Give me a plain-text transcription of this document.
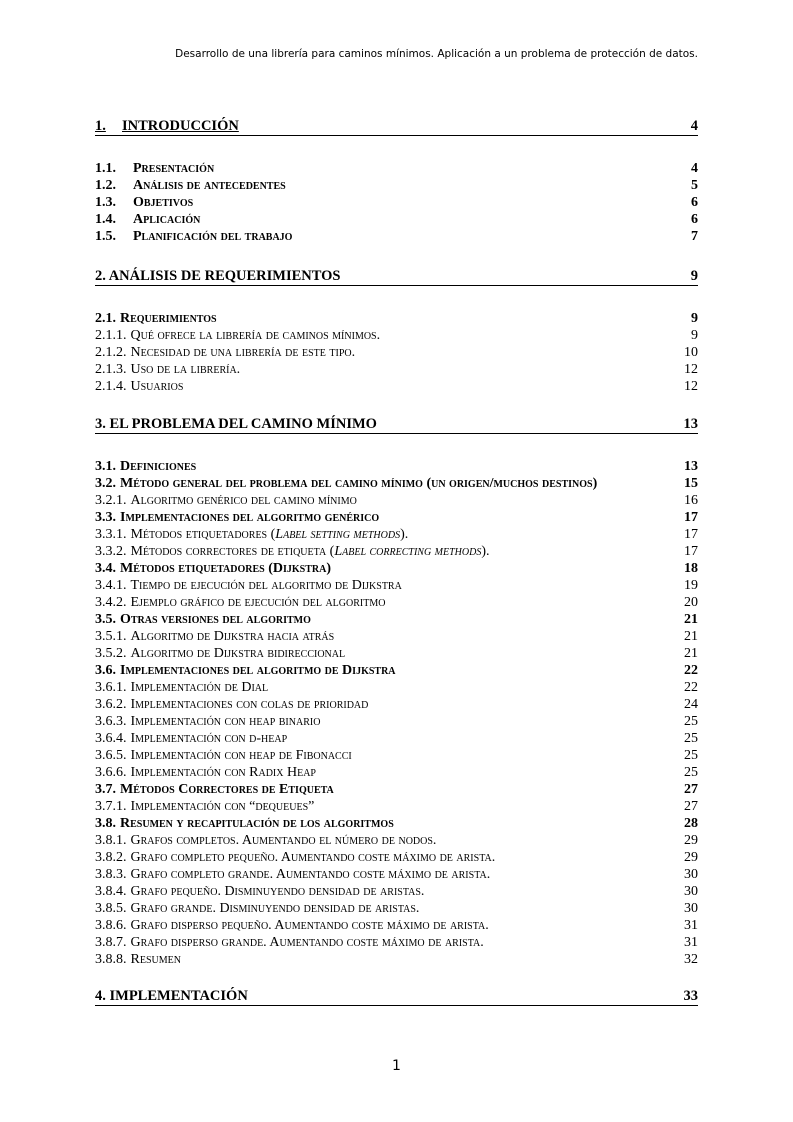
Desarrollo de una librería para caminos mínimos. Aplicación a un problema de protección de datos.
1. INTRODUCCIÓN	4
1.1. Presentación	4
1.2. Análisis de antecedentes	5
1.3. Objetivos	6
1.4. Aplicación	6
1.5. Planificación del trabajo	7
2. ANÁLISIS DE REQUERIMIENTOS	9
2.1. Requerimientos	9
2.1.1. Qué ofrece la librería de caminos mínimos.	9
2.1.2. Necesidad de una librería de este tipo.	10
2.1.3. Uso de la librería.	12
2.1.4. Usuarios	12
3. EL PROBLEMA DEL CAMINO MÍNIMO	13
3.1. Definiciones	13
3.2. Método general del problema del camino mínimo (un origen/muchos destinos)	15
3.2.1. Algoritmo genérico del camino mínimo	16
3.3. Implementaciones del algoritmo genérico	17
3.3.1. Métodos etiquetadores (Label setting methods).	17
3.3.2. Métodos correctores de etiqueta (Label correcting methods).	17
3.4. Métodos etiquetadores (Dijkstra)	18
3.4.1. Tiempo de ejecución del algoritmo de Dijkstra	19
3.4.2. Ejemplo gráfico de ejecución del algoritmo	20
3.5. Otras versiones del algoritmo	21
3.5.1. Algoritmo de Dijkstra hacia atrás	21
3.5.2. Algoritmo de Dijkstra bidireccional	21
3.6. Implementaciones del algoritmo de Dijkstra	22
3.6.1. Implementación de Dial	22
3.6.2. Implementaciones con colas de prioridad	24
3.6.3. Implementación con heap binario	25
3.6.4. Implementación con d-heap	25
3.6.5. Implementación con heap de Fibonacci	25
3.6.6. Implementación con Radix Heap	25
3.7. Métodos Correctores de Etiqueta	27
3.7.1. Implementación con “dequeues”	27
3.8. Resumen y recapitulación de los algoritmos	28
3.8.1. Grafos completos. Aumentando el número de nodos.	29
3.8.2. Grafo completo pequeño. Aumentando coste máximo de arista.	29
3.8.3. Grafo completo grande. Aumentando coste máximo de arista.	30
3.8.4. Grafo pequeño. Disminuyendo densidad de aristas.	30
3.8.5. Grafo grande. Disminuyendo densidad de aristas.	30
3.8.6. Grafo disperso pequeño. Aumentando coste máximo de arista.	31
3.8.7. Grafo disperso grande. Aumentando coste máximo de arista.	31
3.8.8. Resumen	32
4. IMPLEMENTACIÓN	33
1
